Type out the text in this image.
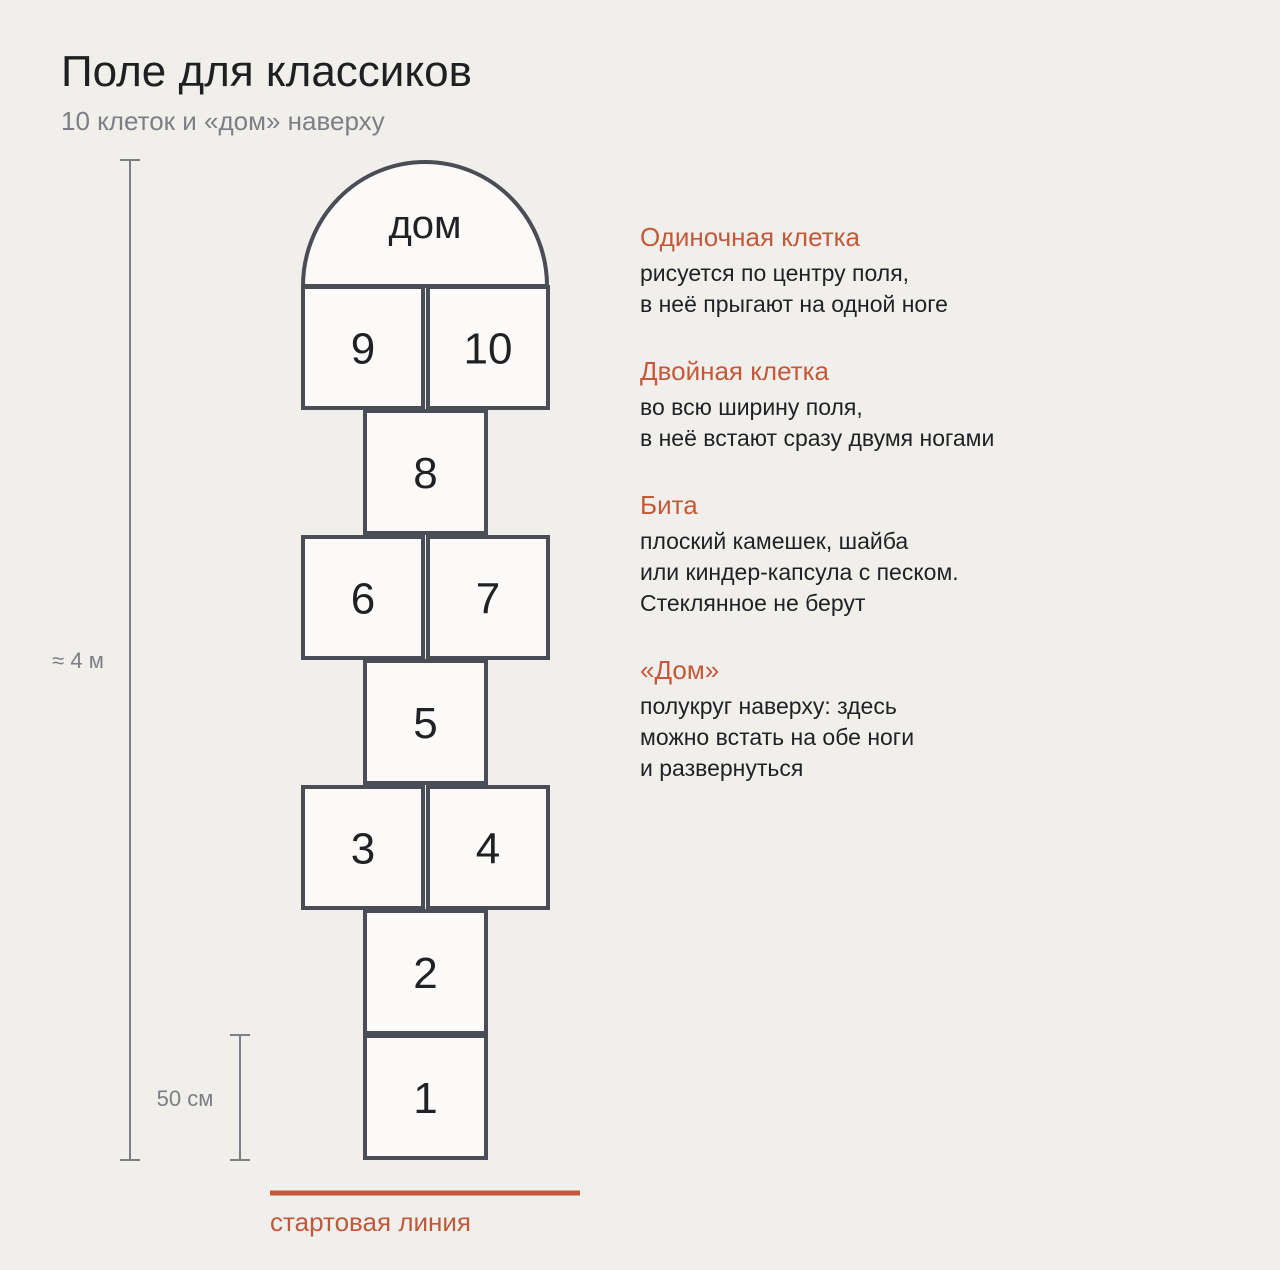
Поле для классиков
10 клеток и «дом» наверху
≈ 4 м
50 см
дом
1
2
3 4
5
6 7
8
9 10
стартовая линия
Одиночная клетка
рисуется по центру поля,
в неё прыгают на одной ноге
Двойная клетка
во всю ширину поля,
в неё встают сразу двумя ногами
Бита
плоский камешек, шайба
или киндер-капсула с песком.
Стеклянное не берут
«Дом»
полукруг наверху: здесь
можно встать на обе ноги
и развернуться
